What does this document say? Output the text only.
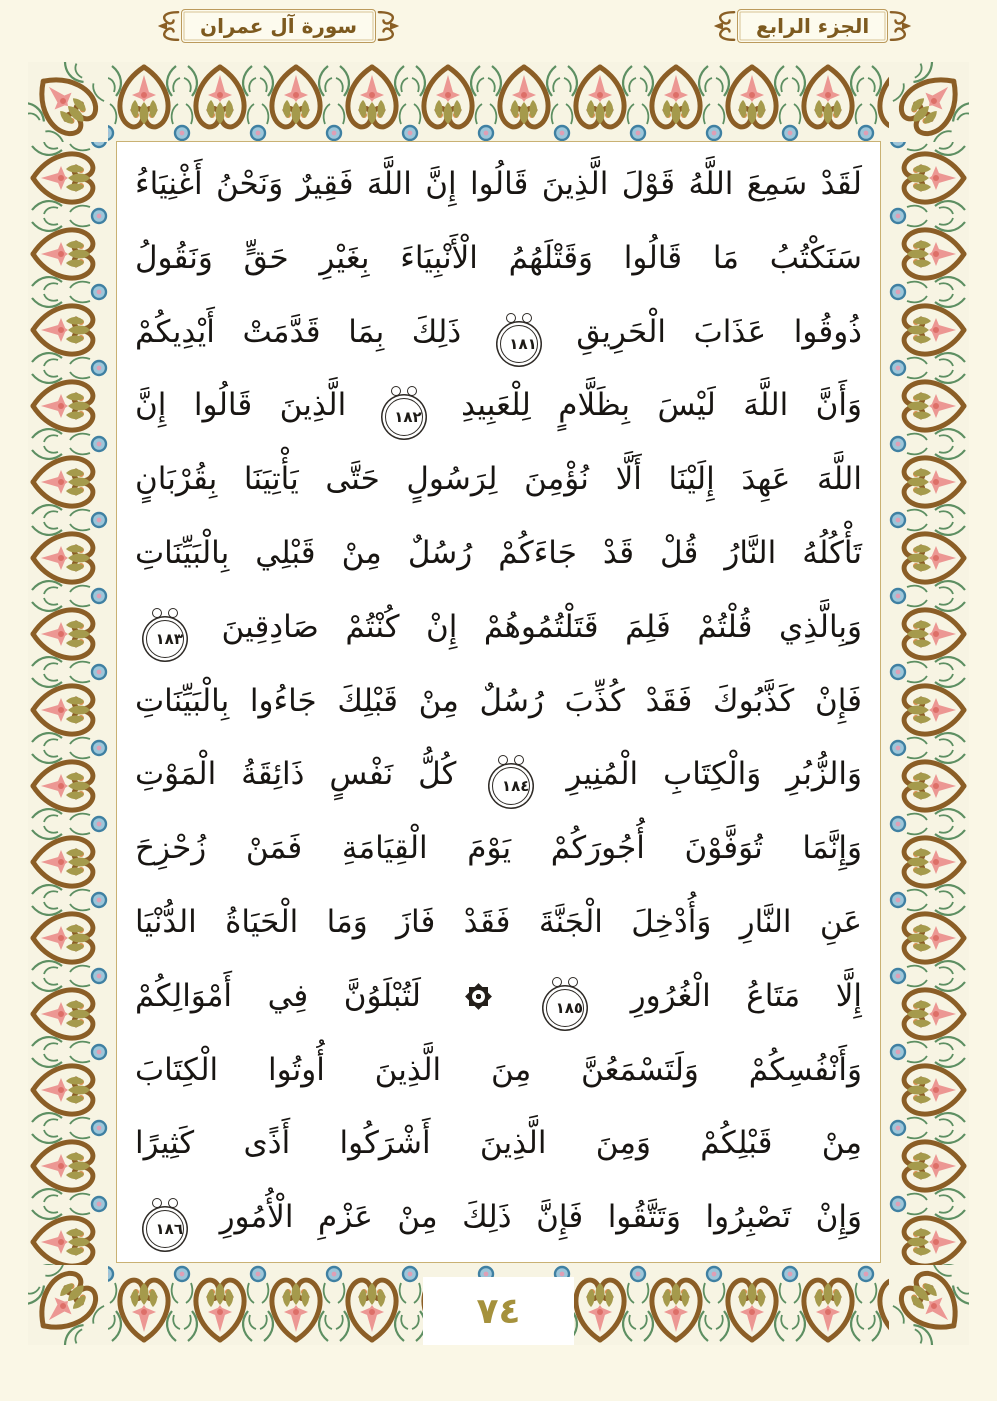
الجزء الرابع
سورة آل عمران
لَقَدْ سَمِعَ اللَّهُ قَوْلَ الَّذِينَ قَالُوا إِنَّ اللَّهَ فَقِيرٌ وَنَحْنُ أَغْنِيَاءُ
سَنَكْتُبُ مَا قَالُوا وَقَتْلَهُمُ الْأَنْبِيَاءَ بِغَيْرِ حَقٍّ وَنَقُولُ
ذُوقُوا عَذَابَ الْحَرِيقِ
١٨١
ذَلِكَ بِمَا قَدَّمَتْ أَيْدِيكُمْ
وَأَنَّ اللَّهَ لَيْسَ بِظَلَّامٍ لِلْعَبِيدِ
١٨٢
الَّذِينَ قَالُوا إِنَّ
اللَّهَ عَهِدَ إِلَيْنَا أَلَّا نُؤْمِنَ لِرَسُولٍ حَتَّى يَأْتِيَنَا بِقُرْبَانٍ
تَأْكُلُهُ النَّارُ قُلْ قَدْ جَاءَكُمْ رُسُلٌ مِنْ قَبْلِي بِالْبَيِّنَاتِ
وَبِالَّذِي قُلْتُمْ فَلِمَ قَتَلْتُمُوهُمْ إِنْ كُنْتُمْ صَادِقِينَ
١٨٣
فَإِنْ كَذَّبُوكَ فَقَدْ كُذِّبَ رُسُلٌ مِنْ قَبْلِكَ جَاءُوا بِالْبَيِّنَاتِ
وَالزُّبُرِ وَالْكِتَابِ الْمُنِيرِ
١٨٤
كُلُّ نَفْسٍ ذَائِقَةُ الْمَوْتِ
وَإِنَّمَا تُوَفَّوْنَ أُجُورَكُمْ يَوْمَ الْقِيَامَةِ فَمَنْ زُحْزِحَ
عَنِ النَّارِ وَأُدْخِلَ الْجَنَّةَ فَقَدْ فَازَ وَمَا الْحَيَاةُ الدُّنْيَا
إِلَّا مَتَاعُ الْغُرُورِ
١٨٥

لَتُبْلَوُنَّ فِي أَمْوَالِكُمْ
وَأَنْفُسِكُمْ وَلَتَسْمَعُنَّ مِنَ الَّذِينَ أُوتُوا الْكِتَابَ
مِنْ قَبْلِكُمْ وَمِنَ الَّذِينَ أَشْرَكُوا أَذًى كَثِيرًا
وَإِنْ تَصْبِرُوا وَتَتَّقُوا فَإِنَّ ذَلِكَ مِنْ عَزْمِ الْأُمُورِ
١٨٦
٧٤
